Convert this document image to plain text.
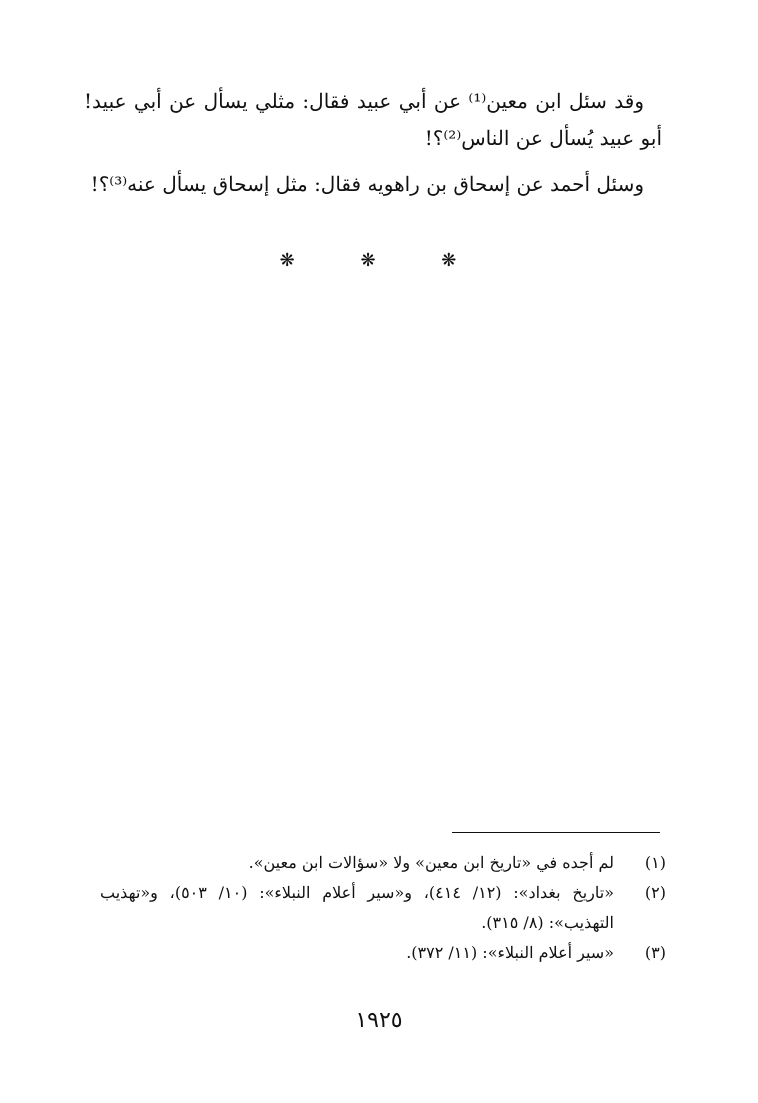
وقد سئل ابن معين⁽¹⁾ عن أبي عبيد فقال: مثلي يسأل عن أبي عبيد! أبو عبيد يُسأل عن الناس⁽²⁾؟!

وسئل أحمد عن إسحاق بن راهويه فقال: مثل إسحاق يسأل عنه⁽³⁾؟!

❋ ❋ ❋
(١)
لم أجده في «تاريخ ابن معين» ولا «سؤالات ابن معين».
(٢)
«تاريخ بغداد»: (١٢/ ٤١٤)، و«سير أعلام النبلاء»: (١٠/ ٥٠٣)، و«تهذيب التهذيب»: (٨/ ٣١٥).
(٣)
«سير أعلام النبلاء»: (١١/ ٣٧٢).
١٩٢٥
